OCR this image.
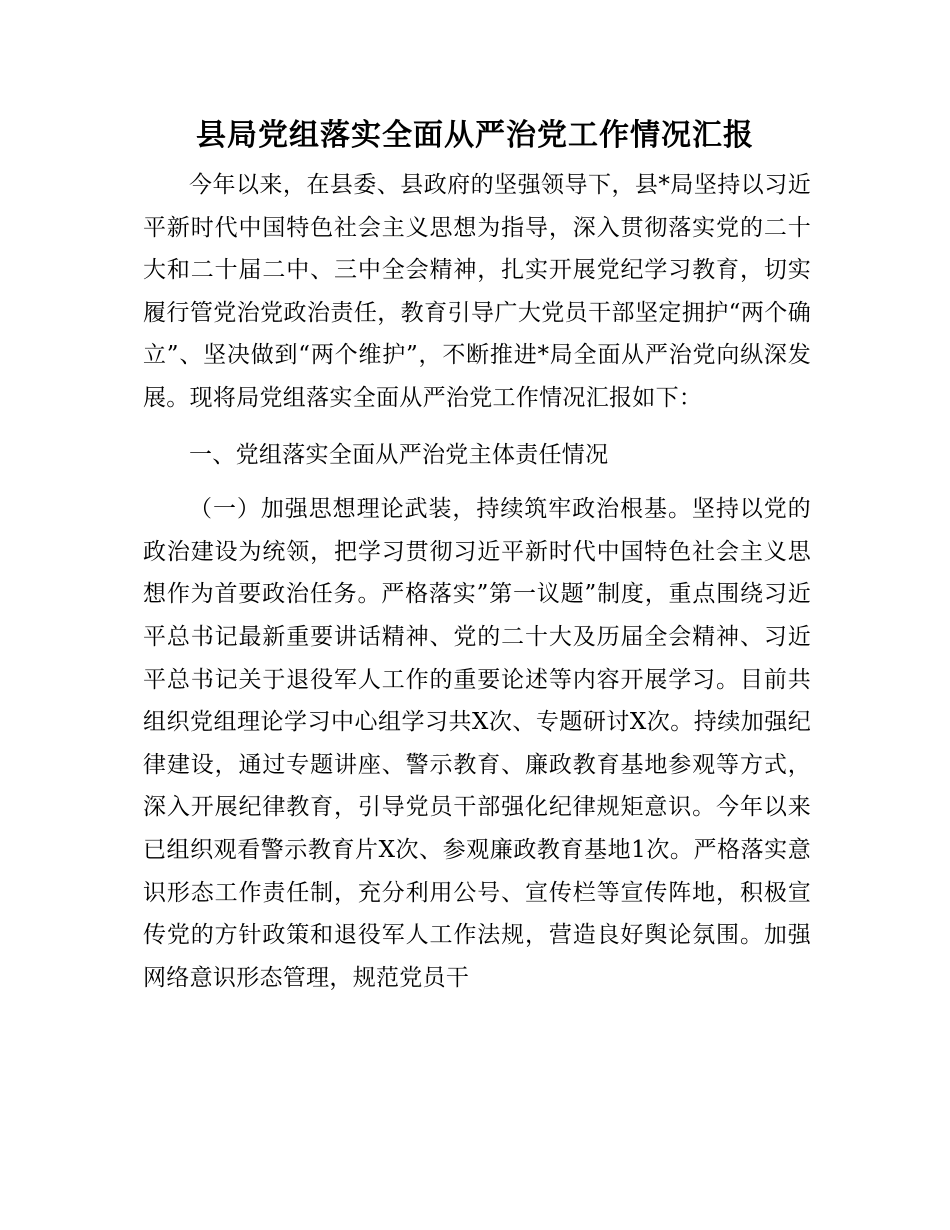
县局党组落实全面从严治党工作情况汇报

今年以来，在县委、县政府的坚强领导下，县*局坚持以习近平新时代中国特色社会主义思想为指导，深入贯彻落实党的二十大和二十届二中、三中全会精神，扎实开展党纪学习教育，切实履行管党治党政治责任，教育引导广大党员干部坚定拥护“两个确立”、坚决做到“两个维护”，不断推进*局全面从严治党向纵深发展。现将局党组落实全面从严治党工作情况汇报如下：

一、党组落实全面从严治党主体责任情况

（一）加强思想理论武装，持续筑牢政治根基。坚持以党的政治建设为统领，把学习贯彻习近平新时代中国特色社会主义思想作为首要政治任务。严格落实”第一议题”制度，重点围绕习近平总书记最新重要讲话精神、党的二十大及历届全会精神、习近平总书记关于退役军人工作的重要论述等内容开展学习。目前共组织党组理论学习中心组学习共X次、专题研讨X次。持续加强纪律建设，通过专题讲座、警示教育、廉政教育基地参观等方式，深入开展纪律教育，引导党员干部强化纪律规矩意识。今年以来已组织观看警示教育片X次、参观廉政教育基地1次。严格落实意识形态工作责任制，充分利用公号、宣传栏等宣传阵地，积极宣传党的方针政策和退役军人工作法规，营造良好舆论氛围。加强网络意识形态管理，规范党员干
